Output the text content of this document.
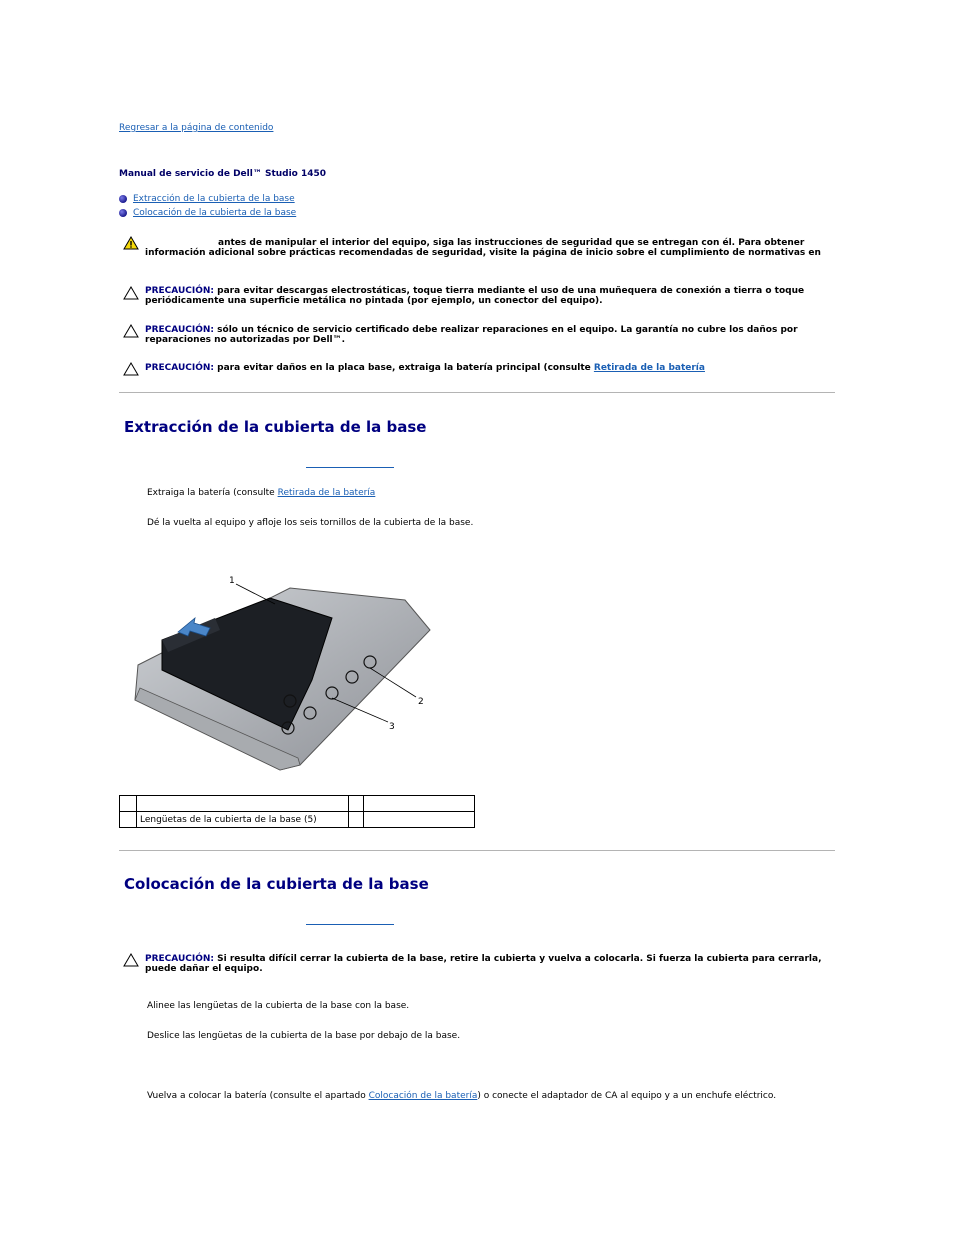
Regresar a la página de contenido
Manual de servicio de Dell™ Studio 1450
Extracción de la cubierta de la base
Colocación de la cubierta de la base
antes de manipular el interior del equipo, siga las instrucciones de seguridad que se entregan con él. Para obtener información adicional sobre prácticas recomendadas de seguridad, visite la página de inicio sobre el cumplimiento de normativas en
PRECAUCIÓN: para evitar descargas electrostáticas, toque tierra mediante el uso de una muñequera de conexión a tierra o toque periódicamente una superficie metálica no pintada (por ejemplo, un conector del equipo).
PRECAUCIÓN: sólo un técnico de servicio certificado debe realizar reparaciones en el equipo. La garantía no cubre los daños por reparaciones no autorizadas por Dell™.
PRECAUCIÓN: para evitar daños en la placa base, extraiga la batería principal (consulte Retirada de la batería
Extracción de la cubierta de la base
Extraiga la batería (consulte Retirada de la batería
Dé la vuelta al equipo y afloje los seis tornillos de la cubierta de la base.
1
2
3

	Lengüetas de la cubierta de la base (5)		
Colocación de la cubierta de la base
PRECAUCIÓN: Si resulta difícil cerrar la cubierta de la base, retire la cubierta y vuelva a colocarla. Si fuerza la cubierta para cerrarla, puede dañar el equipo.
Alinee las lengüetas de la cubierta de la base con la base.
Deslice las lengüetas de la cubierta de la base por debajo de la base.
Vuelva a colocar la batería (consulte el apartado Colocación de la batería) o conecte el adaptador de CA al equipo y a un enchufe eléctrico.
